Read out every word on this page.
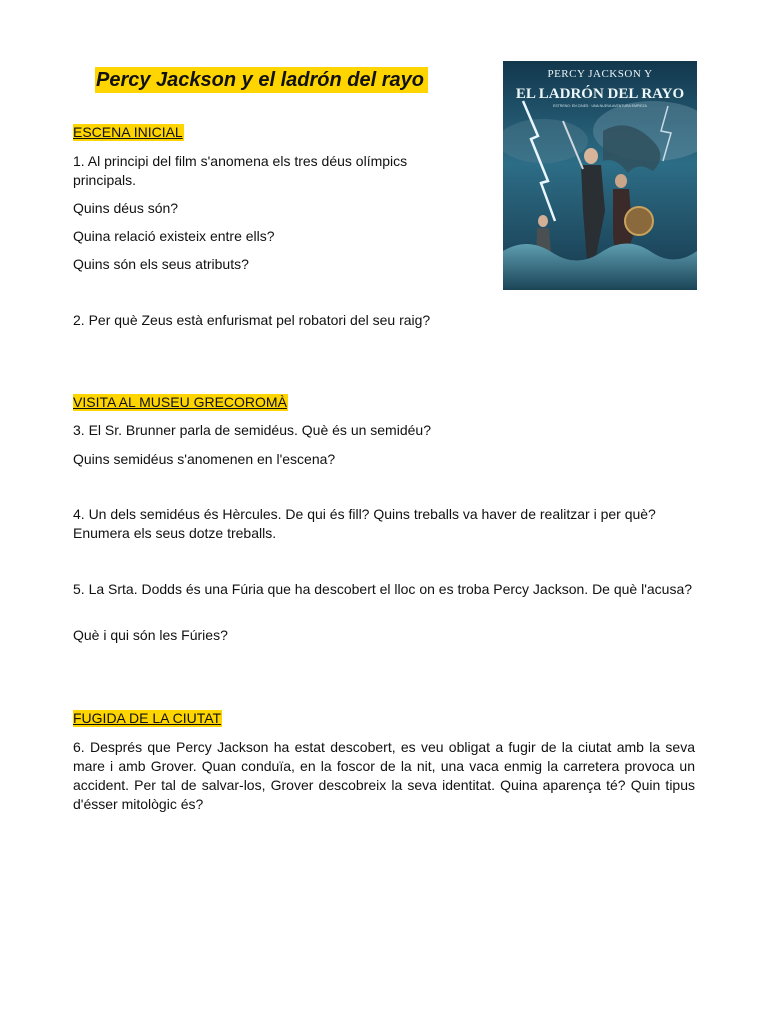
Percy Jackson y el ladrón del rayo	PERCY JACKSON Y
EL LADRÓN DEL RAYO
ESTRENO: EN CINES · UNA NUEVA AVENTURA EMPIEZA
ESCENA INICIAL

1. Al principi del film s'anomena els tres déus olímpics principals.

Quins déus són?

Quina relació existeix entre ells?

Quins són els seus atributs?

2. Per què Zeus està enfurismat pel robatori del seu raig?

VISITA AL MUSEU GRECOROMÀ

3. El Sr. Brunner parla de semidéus. Què és un semidéu?

Quins semidéus s'anomenen en l'escena?

4. Un dels semidéus és Hèrcules. De qui és fill? Quins treballs va haver de realitzar i per què? Enumera els seus dotze treballs.

5. La Srta. Dodds és una Fúria que ha descobert el lloc on es troba Percy Jackson. De què l'acusa?

Què i qui són les Fúries?

FUGIDA DE LA CIUTAT

6. Després que Percy Jackson ha estat descobert, es veu obligat a fugir de la ciutat amb la seva mare i amb Grover. Quan conduïa, en la foscor de la nit, una vaca enmig la carretera provoca un accident. Per tal de salvar-los, Grover descobreix la seva identitat. Quina aparença té? Quin tipus d'ésser mitològic és?
